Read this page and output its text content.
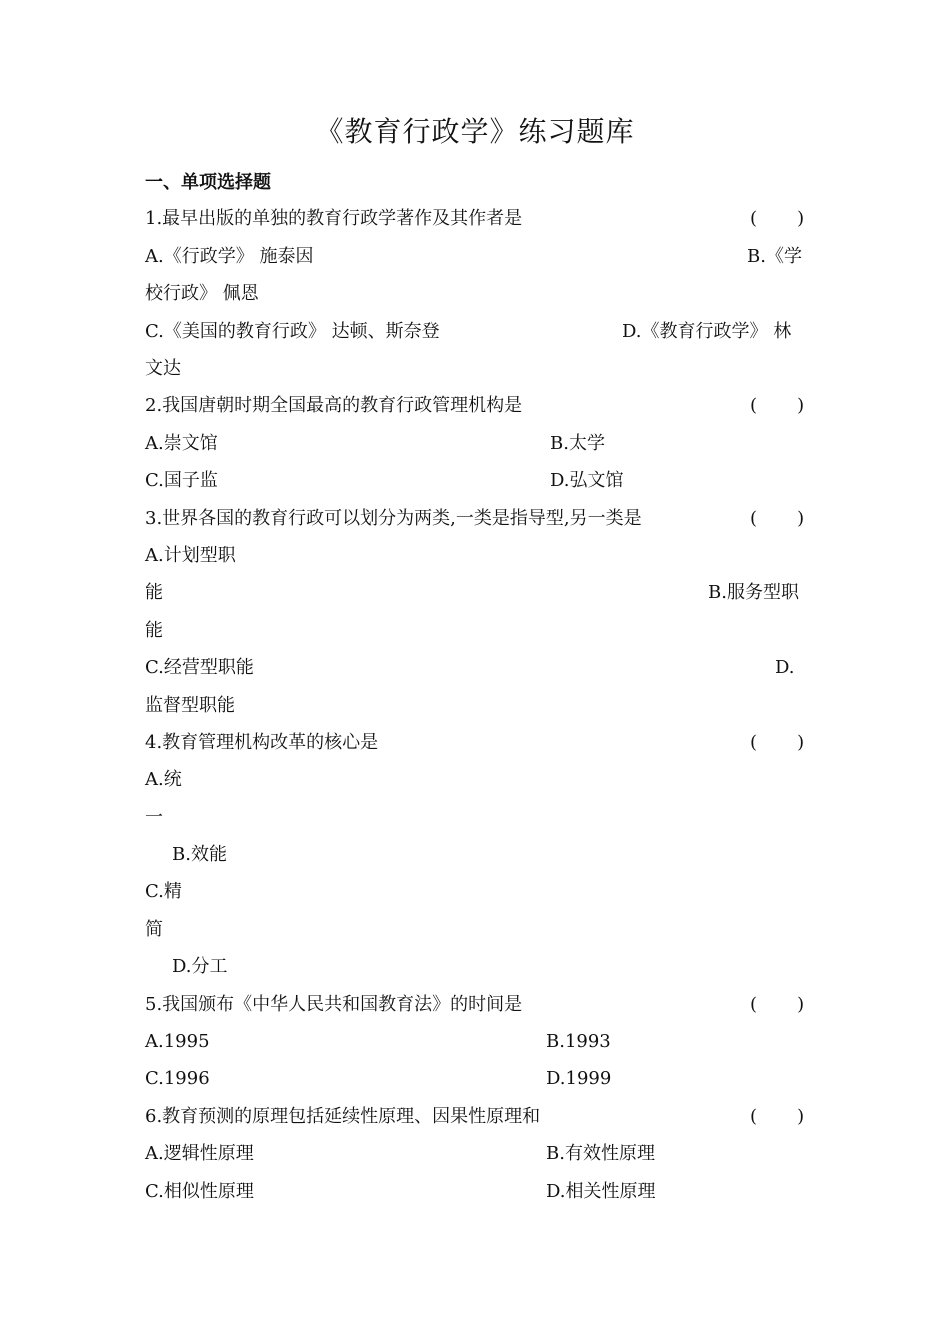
《教育行政学》练习题库
一、单项选择题
1.最早出版的单独的教育行政学著作及其作者是	(       )
A.《行政学》 施泰因	B.《学
校行政》 佩恩
C.《美国的教育行政》 达顿、斯奈登	D.《教育行政学》 林
文达
2.我国唐朝时期全国最高的教育行政管理机构是	(       )
A.崇文馆	B.太学
C.国子监	D.弘文馆
3.世界各国的教育行政可以划分为两类,一类是指导型,另一类是	(       )
A.计划型职
能	B.服务型职
能
C.经营型职能	D.
监督型职能
4.教育管理机构改革的核心是	(       )
A.统
一
B.效能
C.精
简
D.分工
5.我国颁布《中华人民共和国教育法》的时间是	(       )
A.1995	B.1993
C.1996	D.1999
6.教育预测的原理包括延续性原理、因果性原理和	(       )
A.逻辑性原理	B.有效性原理
C.相似性原理	D.相关性原理
